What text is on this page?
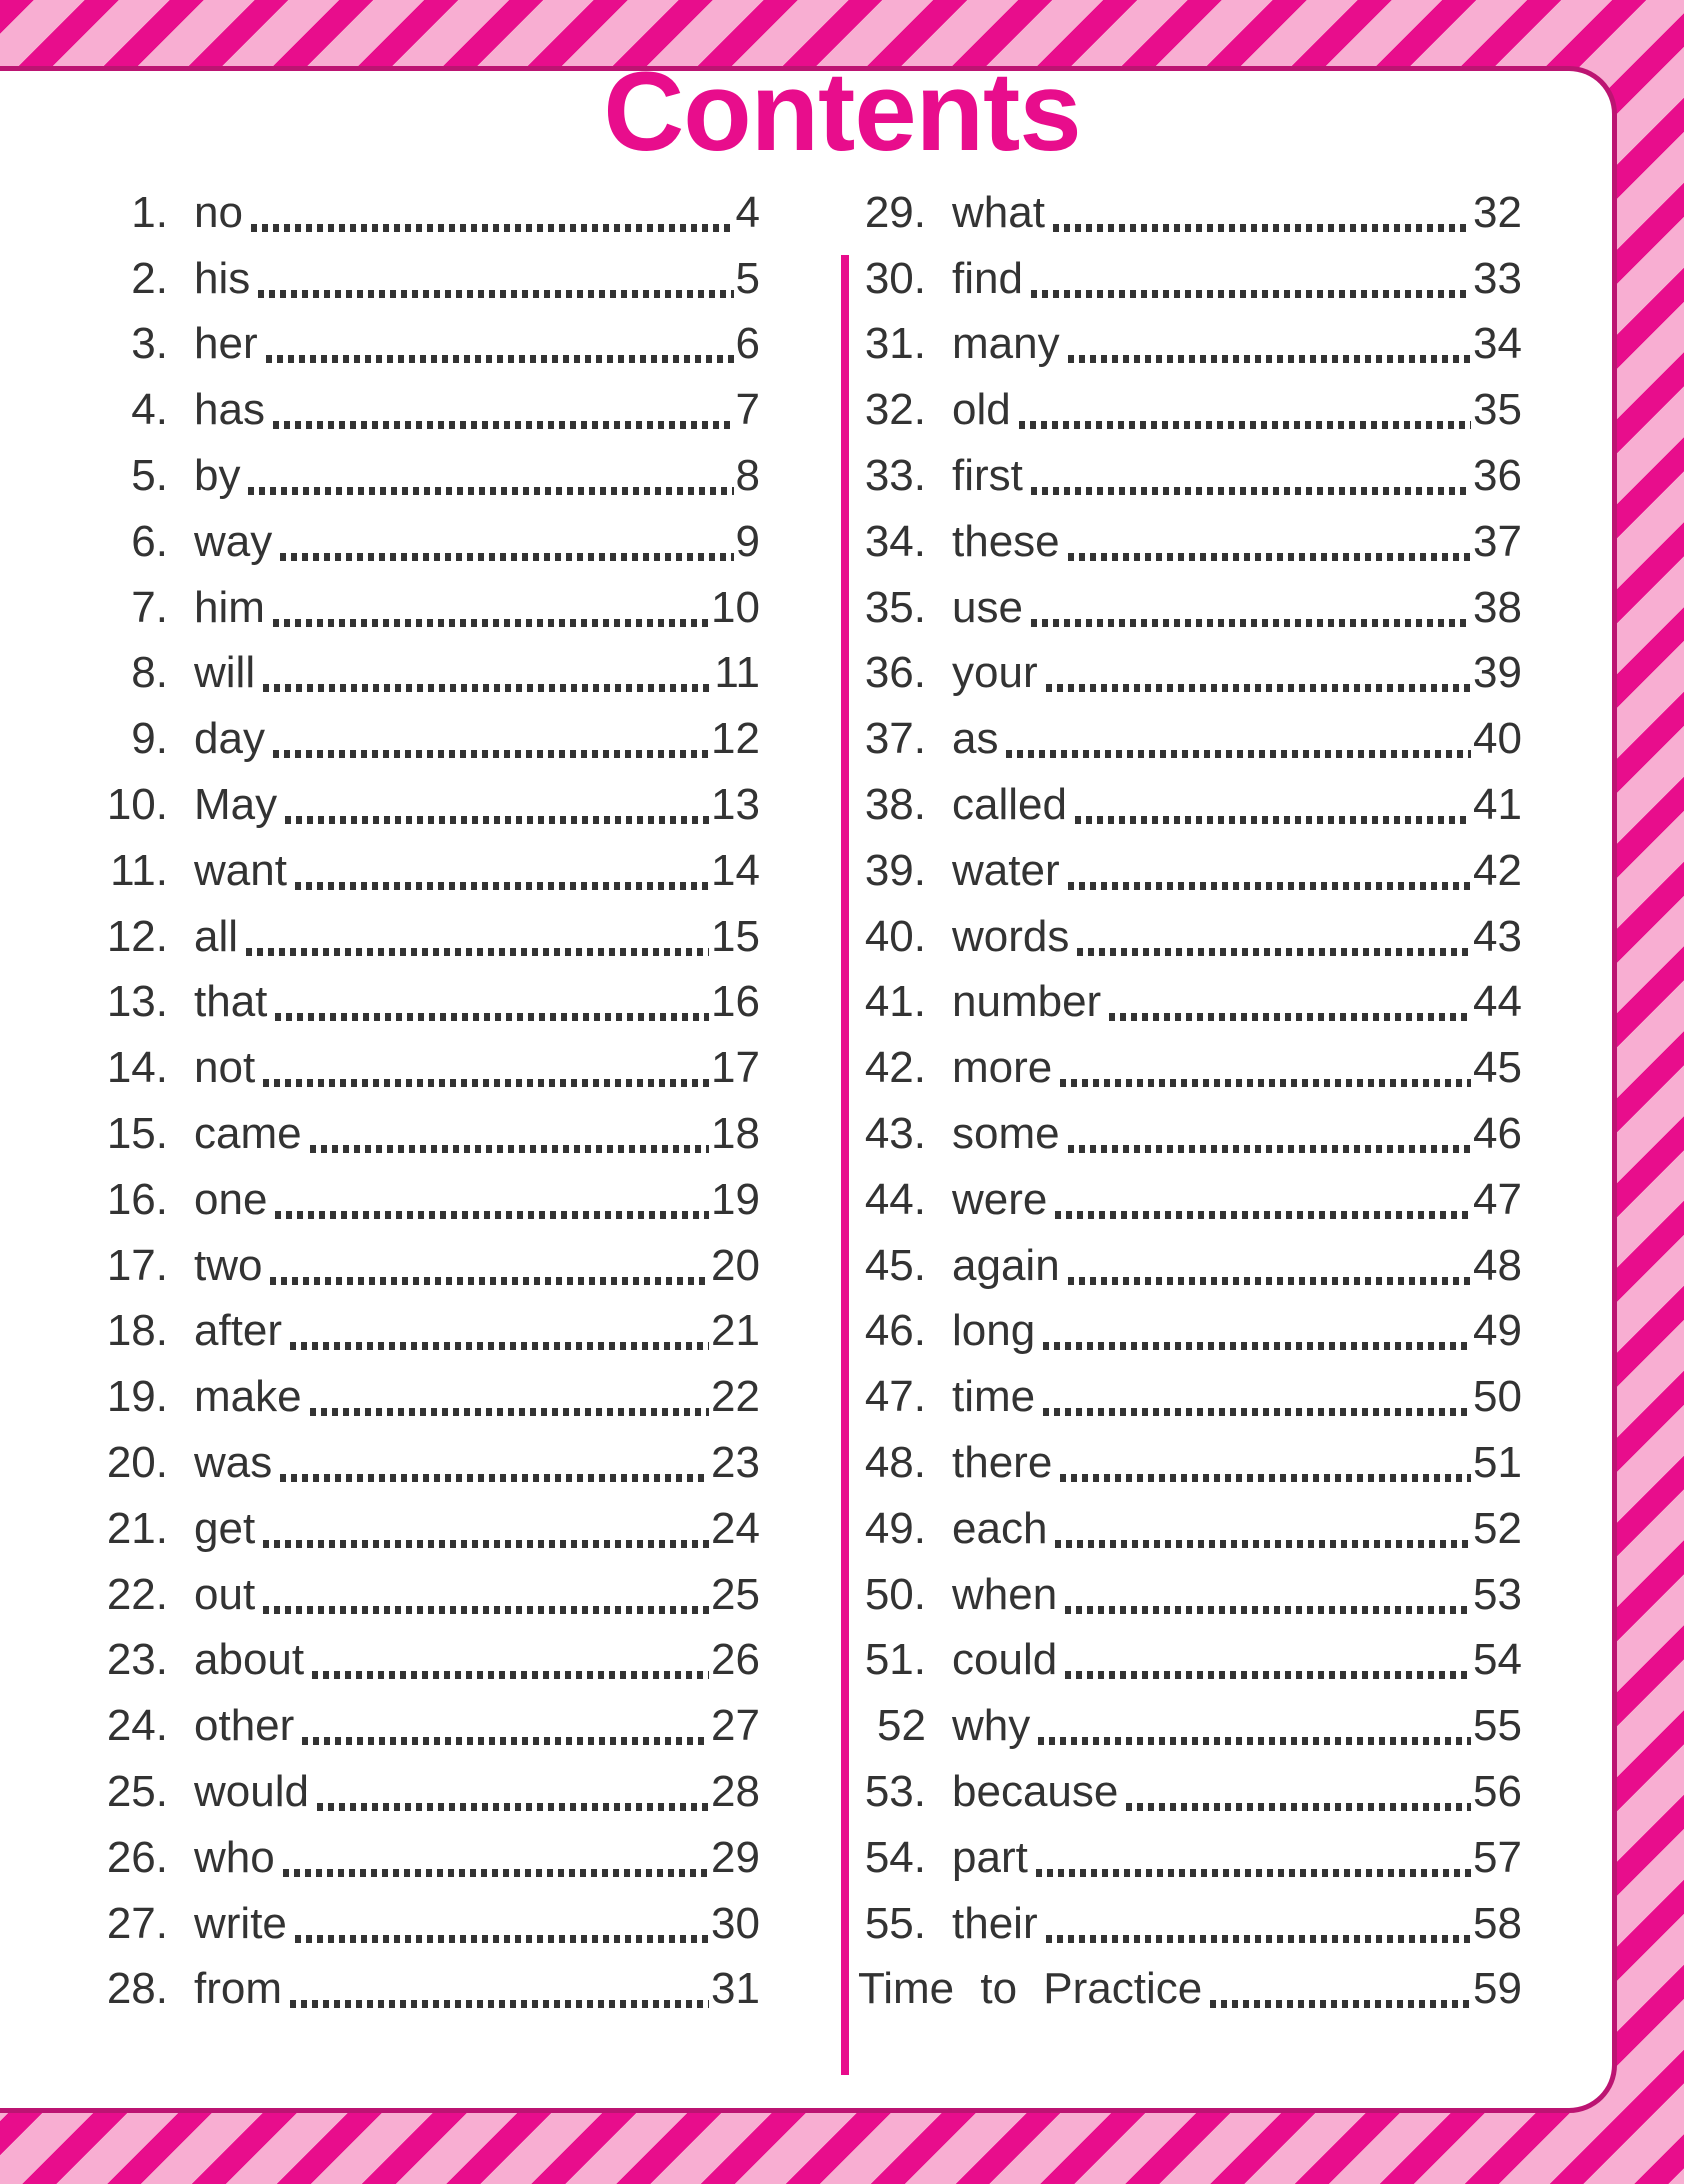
Contents
1. no	4
2. his	5
3. her	6
4. has	7
5. by	8
6. way	9
7. him	10
8. will	11
9. day	12
10. May	13
11. want	14
12. all	15
13. that	16
14. not	17
15. came	18
16. one	19
17. two	20
18. after	21
19. make	22
20. was	23
21. get	24
22. out	25
23. about	26
24. other	27
25. would	28
26. who	29
27. write	30
28. from	31
29. what	32
30. find	33
31. many	34
32. old	35
33. first	36
34. these	37
35. use	38
36. your	39
37. as	40
38. called	41
39. water	42
40. words	43
41. number	44
42. more	45
43. some	46
44. were	47
45. again	48
46. long	49
47. time	50
48. there	51
49. each	52
50. when	53
51. could	54
52 why	55
53. because	56
54. part	57
55. their	58
Time to Practice	59
